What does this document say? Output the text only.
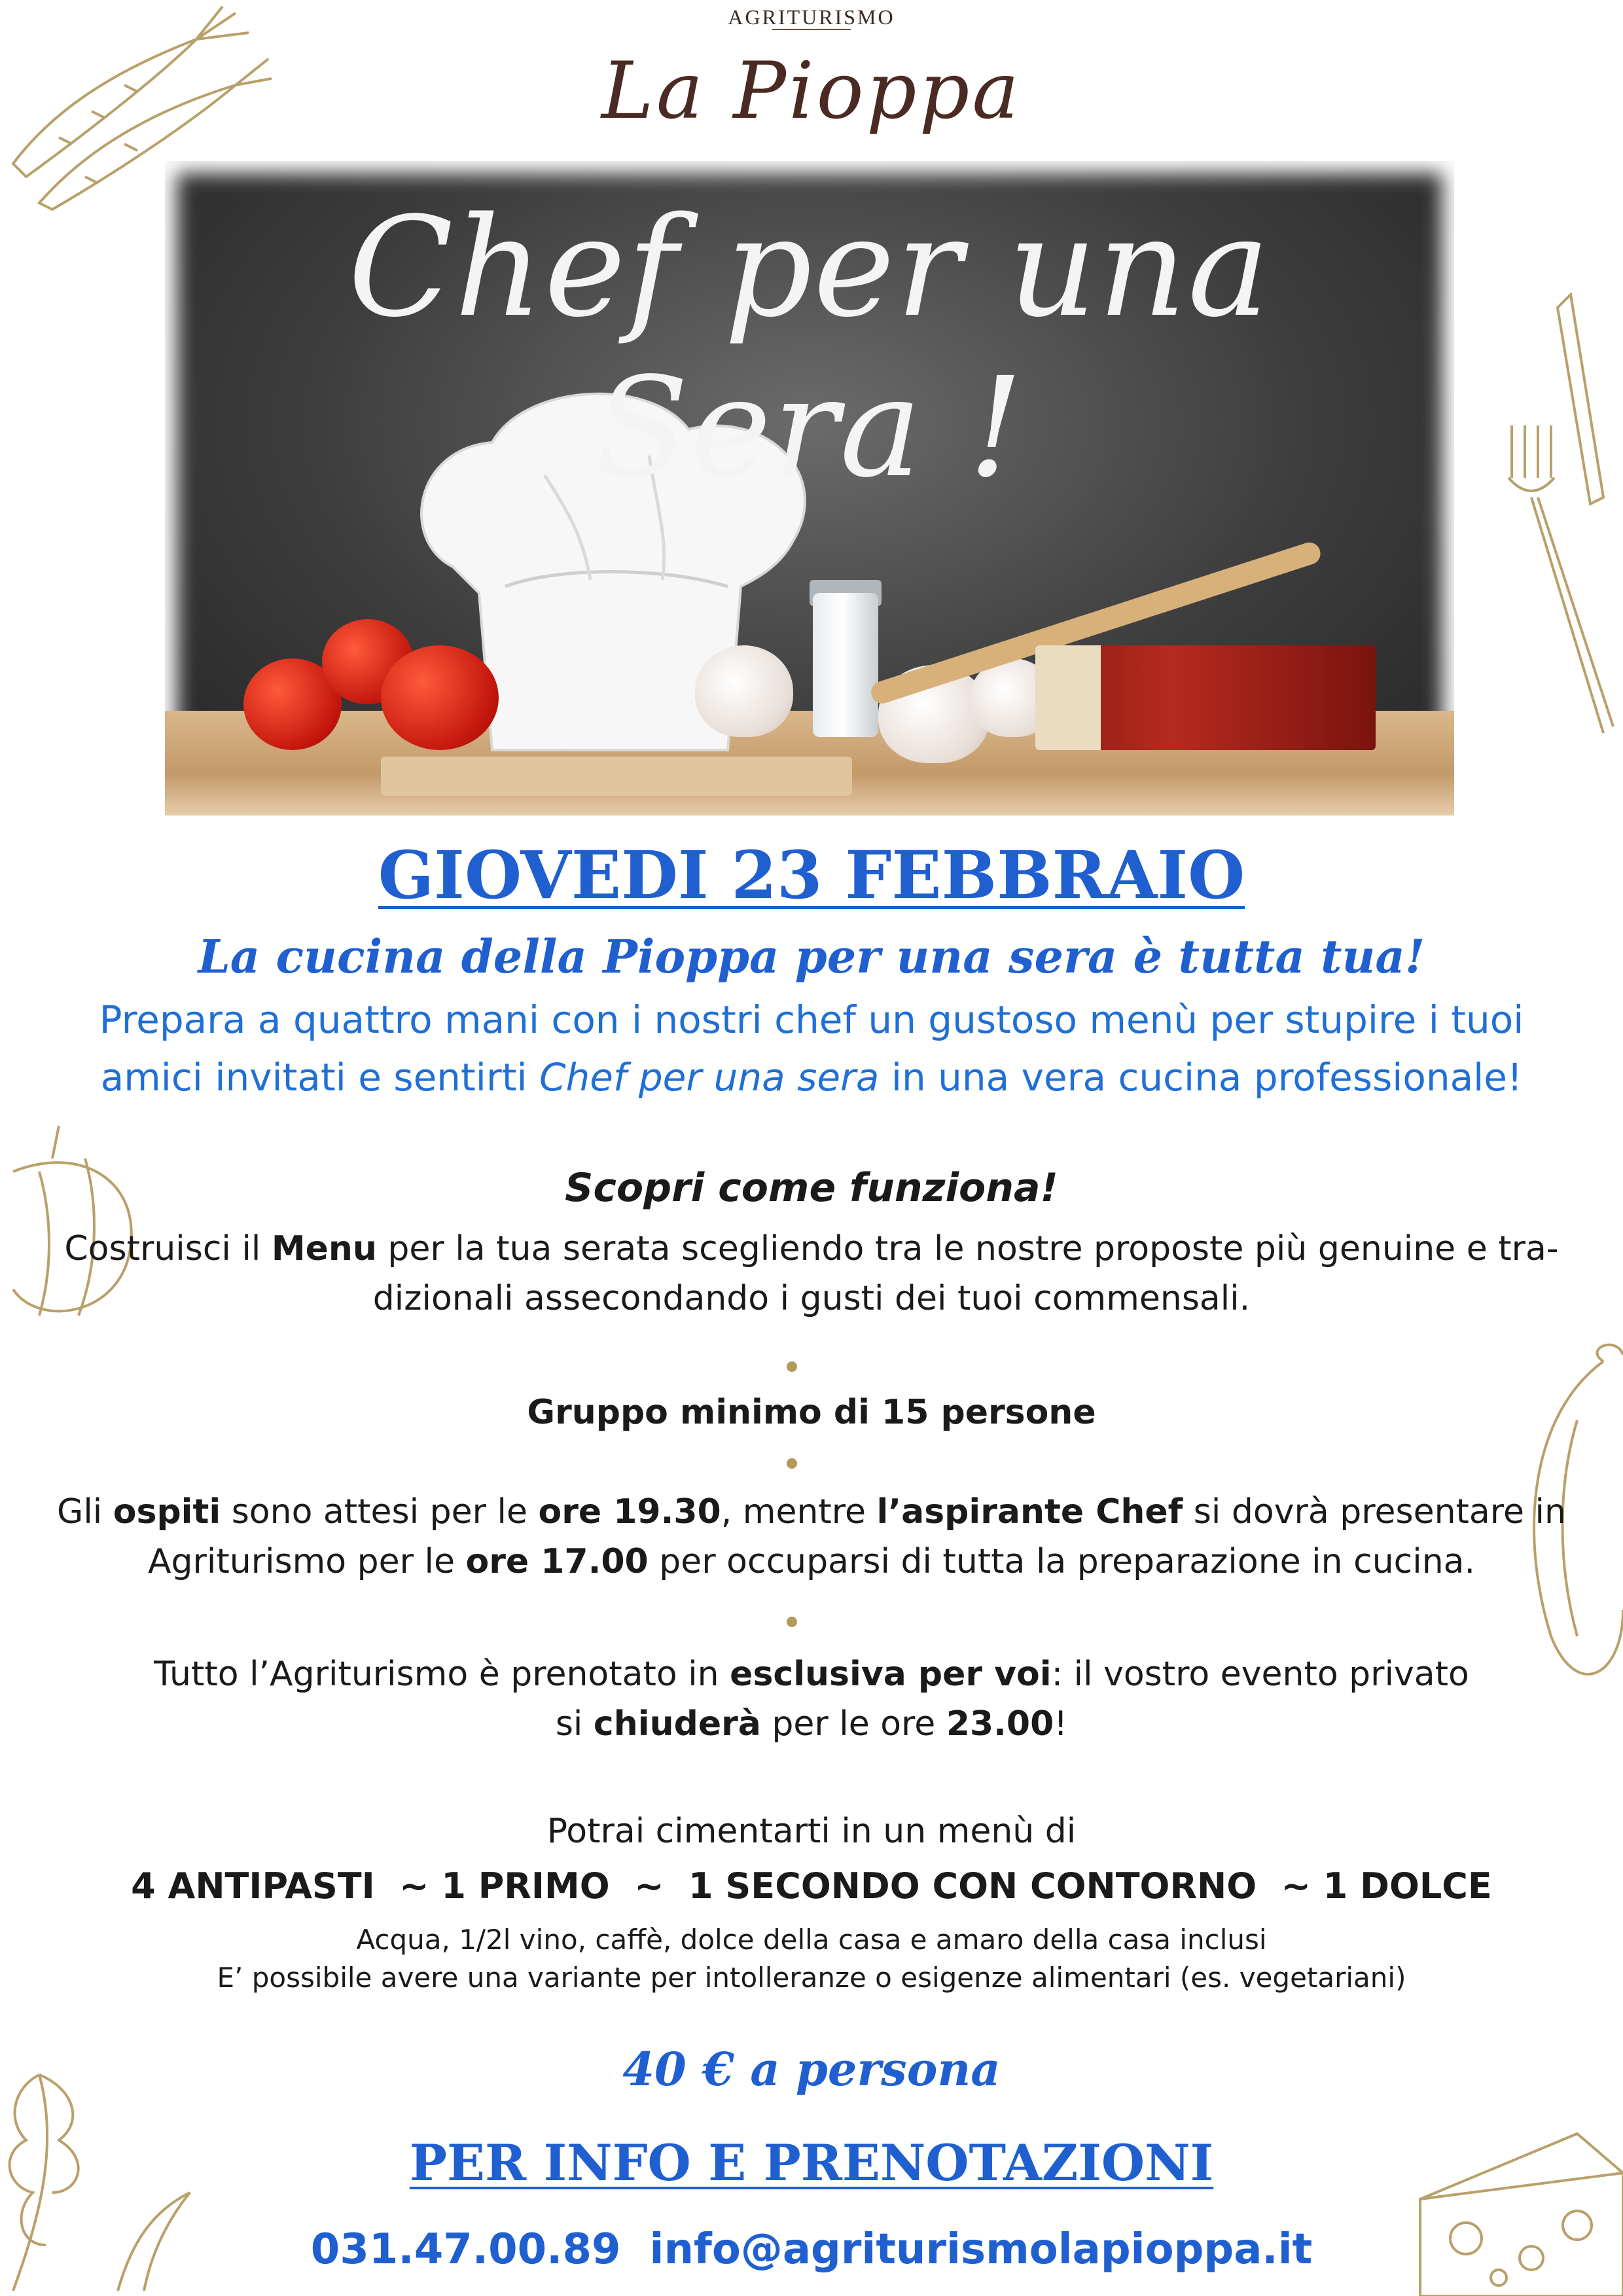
AGRITURISMO
La Pioppa
Chef per una Sera !
GIOVEDI 23 FEBBRAIO
La cucina della Pioppa per una sera è tutta tua!
Prepara a quattro mani con i nostri chef un gustoso menù per stupire i tuoi
amici invitati e sentirti Chef per una sera in una vera cucina professionale!
Scopri come funziona!
Costruisci il Menu per la tua serata scegliendo tra le nostre proposte più genuine e tra-
dizionali assecondando i gusti dei tuoi commensali.
Gruppo minimo di 15 persone
Gli ospiti sono attesi per le ore 19.30, mentre l’aspirante Chef si dovrà presentare in
Agriturismo per le ore 17.00 per occuparsi di tutta la preparazione in cucina.
Tutto l’Agriturismo è prenotato in esclusiva per voi: il vostro evento privato
si chiuderà per le ore 23.00!
Potrai cimentarti in un menù di
4 ANTIPASTI  ~ 1 PRIMO  ~  1 SECONDO CON CONTORNO  ~ 1 DOLCE
Acqua, 1/2l vino, caffè, dolce della casa e amaro della casa inclusi
E’ possibile avere una variante per intolleranze o esigenze alimentari (es. vegetariani)
40 € a persona
PER INFO E PRENOTAZIONI
031.47.00.89 info@agriturismolapioppa.it
